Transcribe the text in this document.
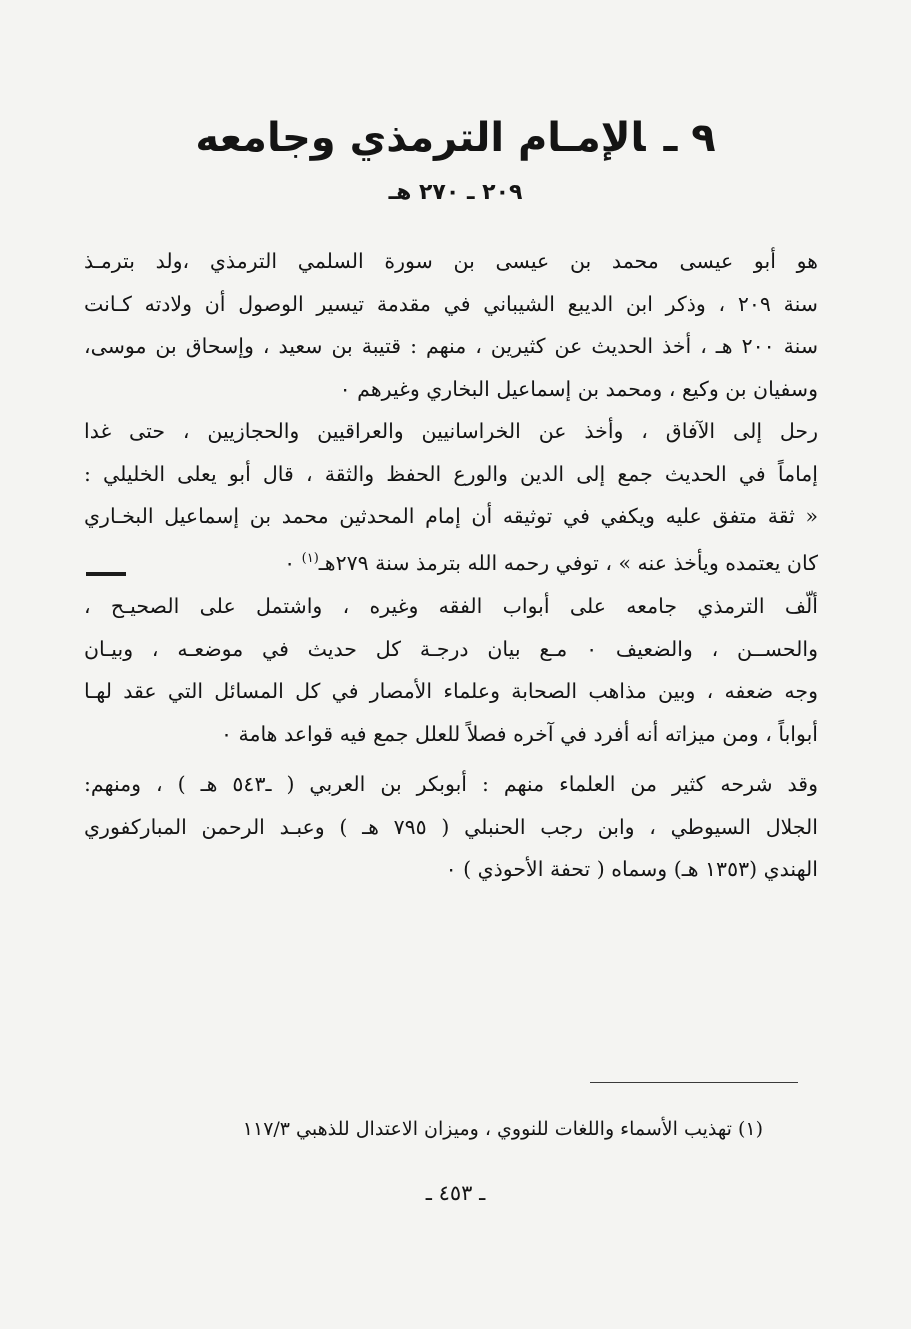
٩ـالإمـام الترمذي وجامعه
٢٠٩ ـ ٢٧٠ هـ
هو أبو عيسى محمد بن عيسى بن سورة السلمي الترمذي ،ولد بترمـذ
سنة ٢٠٩ ، وذكر ابن الديبع الشيباني في مقدمة تيسير الوصول أن ولادته كـانت
سنة ٢٠٠ هـ ، أخذ الحديث عن كثيرين ، منهم : قتيبة بن سعيد ، وإسحاق بن موسى،
وسفيان بن وكيع ، ومحمد بن إسماعيل البخاري وغيرهم ٠
رحل إلى الآفاق ، وأخذ عن الخراسانيين والعراقيين والحجازيين ، حتى غدا
إماماً في الحديث جمع إلى الدين والورع الحفظ والثقة ، قال أبو يعلى الخليلي :
« ثقة متفق عليه ويكفي في توثيقه أن إمام المحدثين محمد بن إسماعيل البخـاري
كان يعتمده ويأخذ عنه » ، توفي رحمه الله بترمذ سنة ٢٧٩هـ$^{(١)}$ ٠
ألّف الترمذي جامعه على أبواب الفقه وغيره ، واشتمل على الصحيـح ،
والحســن ، والضعيف ٠ مـع بيان درجـة كل حديث في موضعـه ، وبيـان
وجه ضعفه ، وبين مذاهب الصحابة وعلماء الأمصار في كل المسائل التي عقد لهـا
أبواباً ، ومن ميزاته أنه أفرد في آخره فصلاً للعلل جمع فيه قواعد هامة ٠
وقد شرحه كثير من العلماء منهم : أبوبكر بن العربي ( ـ٥٤٣ هـ ) ، ومنهم:
الجلال السيوطي ، وابن رجب الحنبلي ( ٧٩٥ هـ ) وعبـد الرحمن المباركفوري
الهندي (١٣٥٣ هـ) وسماه ( تحفة الأحوذي ) ٠
(١) تهذيب الأسماء واللغات للنووي ، وميزان الاعتدال للذهبي ١١٧/٣
ـ ٤٥٣ ـ
